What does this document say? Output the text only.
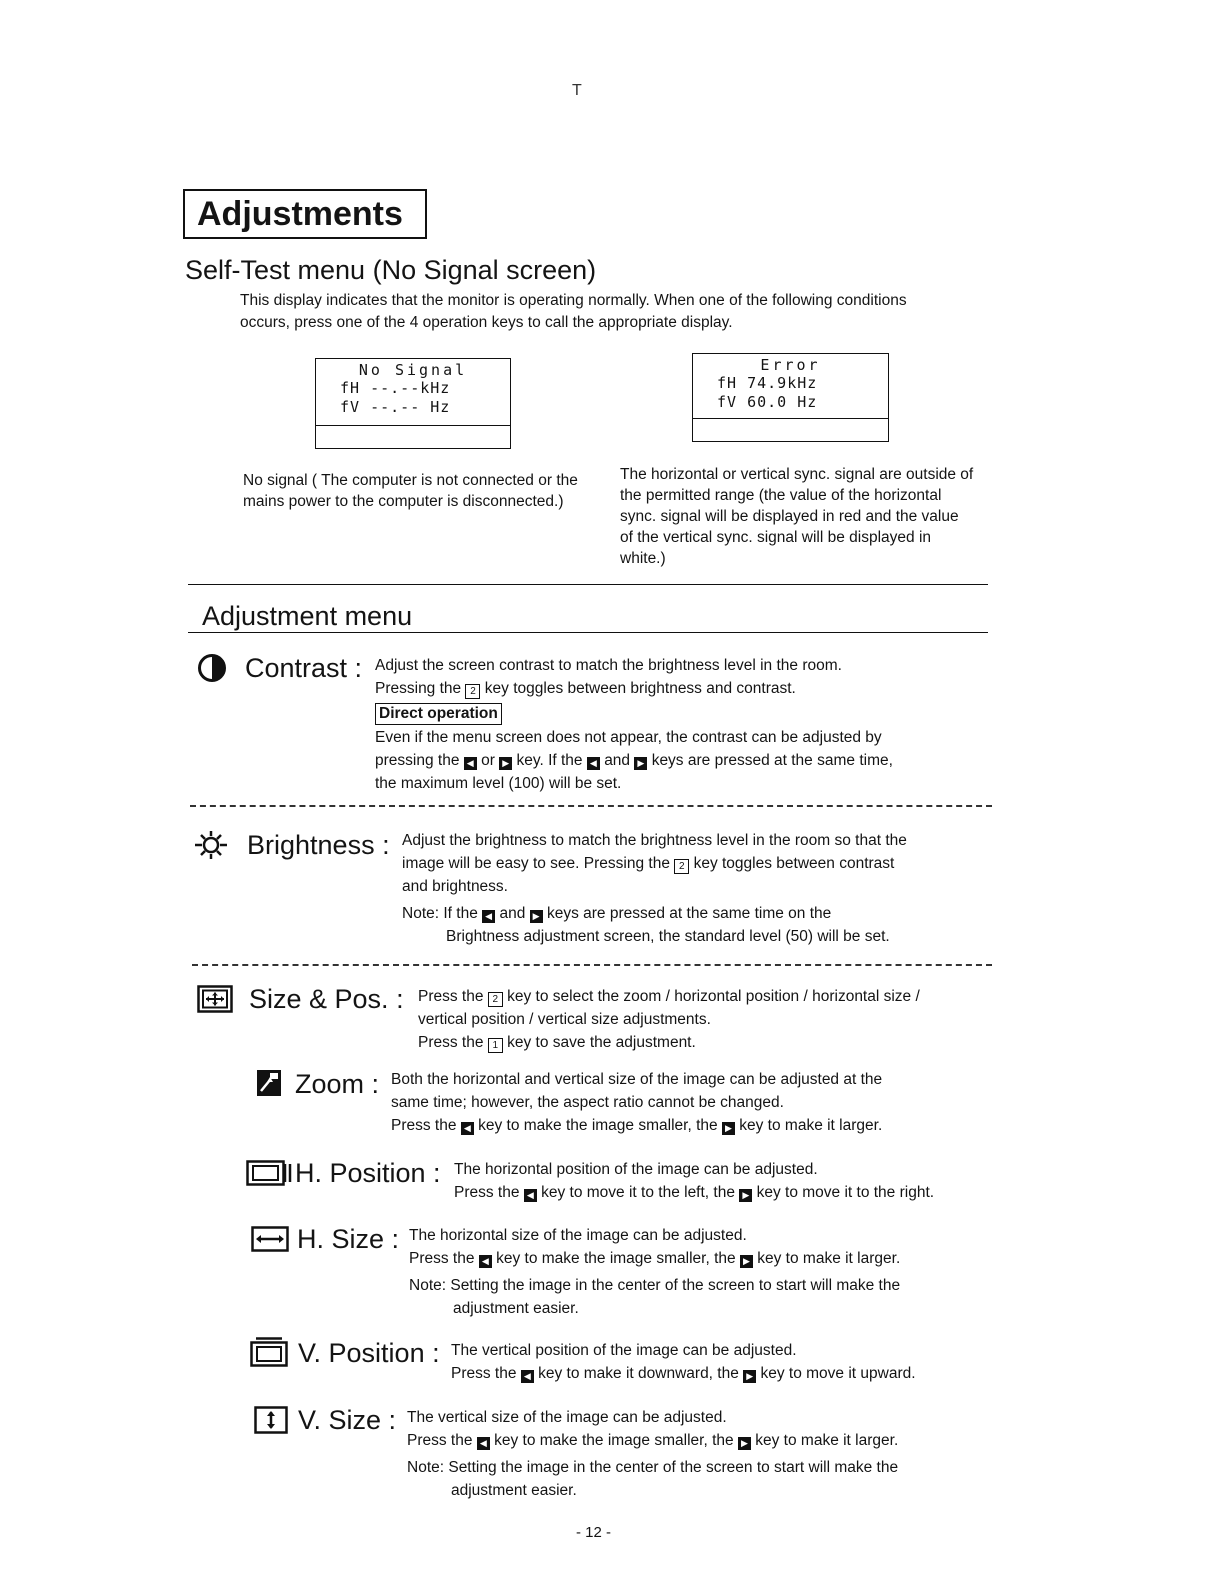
T
Adjustments
Self-Test menu (No Signal screen)
This display indicates that the monitor is operating normally. When one of the following conditions occurs, press one of the 4 operation keys to call the appropriate display.
No Signal
fH --.--kHz
fV --.-- Hz
No signal ( The computer is not connected or the mains power to the computer is disconnected.)
Error
fH 74.9kHz
fV 60.0 Hz
The horizontal or vertical sync. signal are outside of the permitted range (the value of the horizontal sync. signal will be displayed in red and the value of the vertical sync. signal will be displayed in white.)
Adjustment menu
Contrast : Adjust the screen contrast to match the brightness level in the room.
Pressing the 2 key toggles between brightness and contrast.
Direct operation
Even if the menu screen does not appear, the contrast can be adjusted by
pressing the ◀ or ▶ key. If the ◀ and ▶ keys are pressed at the same time,
the maximum level (100) will be set.
Brightness : Adjust the brightness to match the brightness level in the room so that the
image will be easy to see. Pressing the 2 key toggles between contrast
and brightness.
Note: If the ◀ and ▶ keys are pressed at the same time on the
Brightness adjustment screen, the standard level (50) will be set.
Size & Pos. : Press the 2 key to select the zoom / horizontal position / horizontal size /
vertical position / vertical size adjustments.
Press the 1 key to save the adjustment.
Zoom : Both the horizontal and vertical size of the image can be adjusted at the
same time; however, the aspect ratio cannot be changed.
Press the ◀ key to make the image smaller, the ▶ key to make it larger.
H. Position : The horizontal position of the image can be adjusted.
Press the ◀ key to move it to the left, the ▶ key to move it to the right.
H. Size : The horizontal size of the image can be adjusted.
Press the ◀ key to make the image smaller, the ▶ key to make it larger.
Note: Setting the image in the center of the screen to start will make the
adjustment easier.
V. Position : The vertical position of the image can be adjusted.
Press the ◀ key to make it downward, the ▶ key to move it upward.
V. Size : The vertical size of the image can be adjusted.
Press the ◀ key to make the image smaller, the ▶ key to make it larger.
Note: Setting the image in the center of the screen to start will make the
adjustment easier.
- 12 -
